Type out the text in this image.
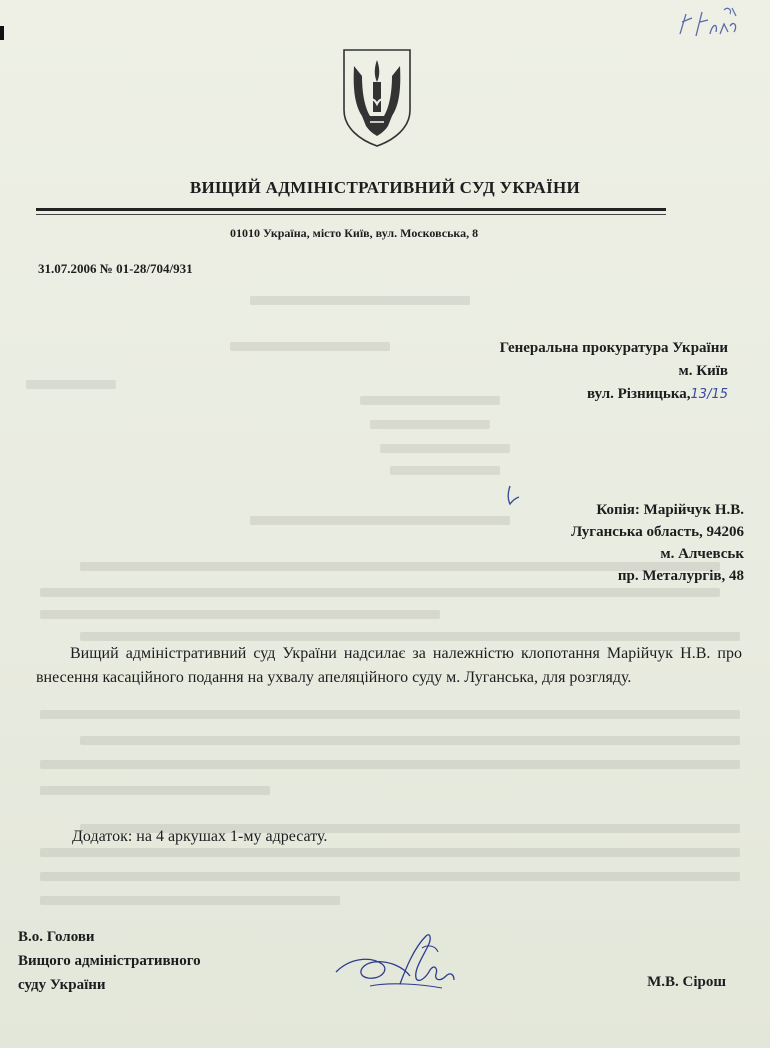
ВИЩИЙ АДМІНІСТРАТИВНИЙ СУД УКРАЇНИ
01010 Україна, місто Київ, вул. Московська, 8
31.07.2006 № 01-28/704/931
Генеральна прокуратура України
м. Київ
вул. Різницька,13/15
Копія: Марійчук Н.В.
Луганська область, 94206
м. Алчевськ
пр. Металургів, 48

Вищий адміністративний суд України надсилає за належністю клопотання Марійчук Н.В. про внесення касаційного подання на ухвалу апеляційного суду м. Луганська, для розгляду.

Додаток: на 4 аркушах 1-му адресату.
В.о. Голови
Вищого адміністративного
суду України	М.В. Сірош
